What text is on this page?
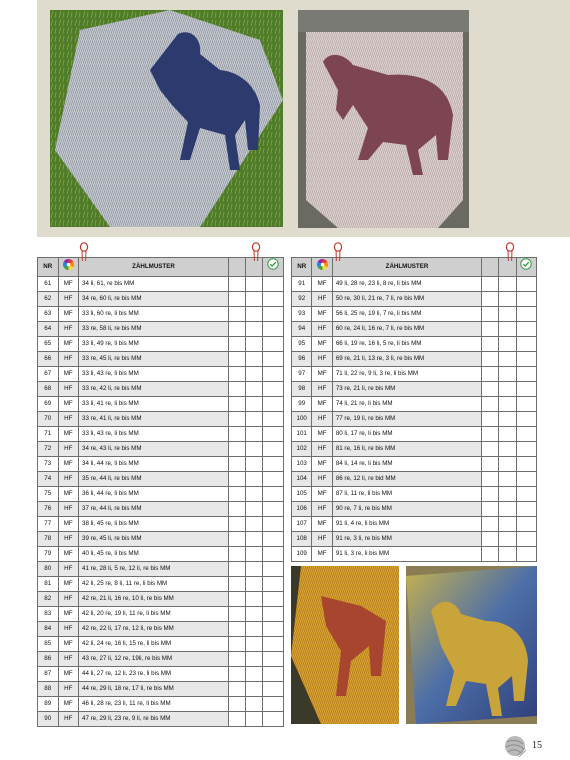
NR		ZÄHLMUSTER			
61	MF	34 li, 61, re bis MM			
62	HF	34 re, 60 li, re bis MM			
63	MF	33 li, 60 re, li bis MM			
64	HF	33 re, 58 li, re bis MM			
65	MF	33 li, 49 re, li bis MM			
66	HF	33 re, 45 li, re bis MM			
67	MF	33 li, 43 re, li bis MM			
68	HF	33 re, 42 li, re bis MM			
69	MF	33 li, 41 re, li bis MM			
70	HF	33 re, 41 li, re bis MM			
71	MF	33 li, 43 re, li bis MM			
72	HF	34 re, 43 li, re bis MM			
73	MF	34 li, 44 re, li bis MM			
74	HF	35 re, 44 li, re bis MM			
75	MF	36 li, 44 re, li bis MM			
76	HF	37 re, 44 li, re bis MM			
77	MF	38 li, 45 re, li bis MM			
78	HF	39 re, 45 li, re bis MM			
79	MF	40 li, 45 re, li bis MM			
80	HF	41 re, 28 li, 5 re, 12 li, re bis MM			
81	MF	42 li, 25 re, 8 li, 11 re, li bis MM			
82	HF	42 re, 21 li, 16 re, 10 li, re bis MM			
83	MF	42 li, 20 re, 19 li, 11 re, li bis MM			
84	HF	42 re, 22 li, 17 re, 12 li, re bis MM			
85	MF	42 li, 24 re, 16 li, 15 re, li bis MM			
86	HF	43 re, 27 li, 12 re, 19li, re bis MM			
87	MF	44 li, 27 re, 12 li, 23 re, li bis MM			
88	HF	44 re, 29 li, 18 re, 17 li, re bis MM			
89	MF	46 li, 28 re, 23 li, 11 re, li bis MM			
90	HF	47 re, 29 li, 23 re, 9 li, re bis MM			
NR		ZÄHLMUSTER			
91	MF	49 li, 28 re, 23 li, 8 re, li bis MM			
92	HF	50 re, 30 li, 21 re, 7 li, re bis MM			
93	MF	56 li, 25 re, 19 li, 7 re, li bis MM			
94	HF	60 re, 24 li, 16 re, 7 li, re bis MM			
95	MF	66 li, 19 re, 16 li, 5 re, li bis MM			
96	HF	69 re, 21 li, 13 re, 3 li, re bis MM			
97	MF	71 li, 22 re, 9 li, 3 re, li bis MM			
98	HF	73 re, 21 li, re bis MM			
99	MF	74 li, 21 re, li bis MM			
100	HF	77 re, 19 li, re bis MM			
101	MF	80 li, 17 re, li bis MM			
102	HF	81 re, 16 li, re bis MM			
103	MF	84 li, 14 re, li bis MM			
104	HF	86 re, 12 li, re bid MM			
105	MF	87 li, 11 re, li bis MM			
106	HF	90 re, 7 li, re bis MM			
107	MF	91 li, 4 re, li bis MM			
108	HF	91 re, 3 li, re bis MM			
109	MF	91 li, 3 re, li bis MM			
15
